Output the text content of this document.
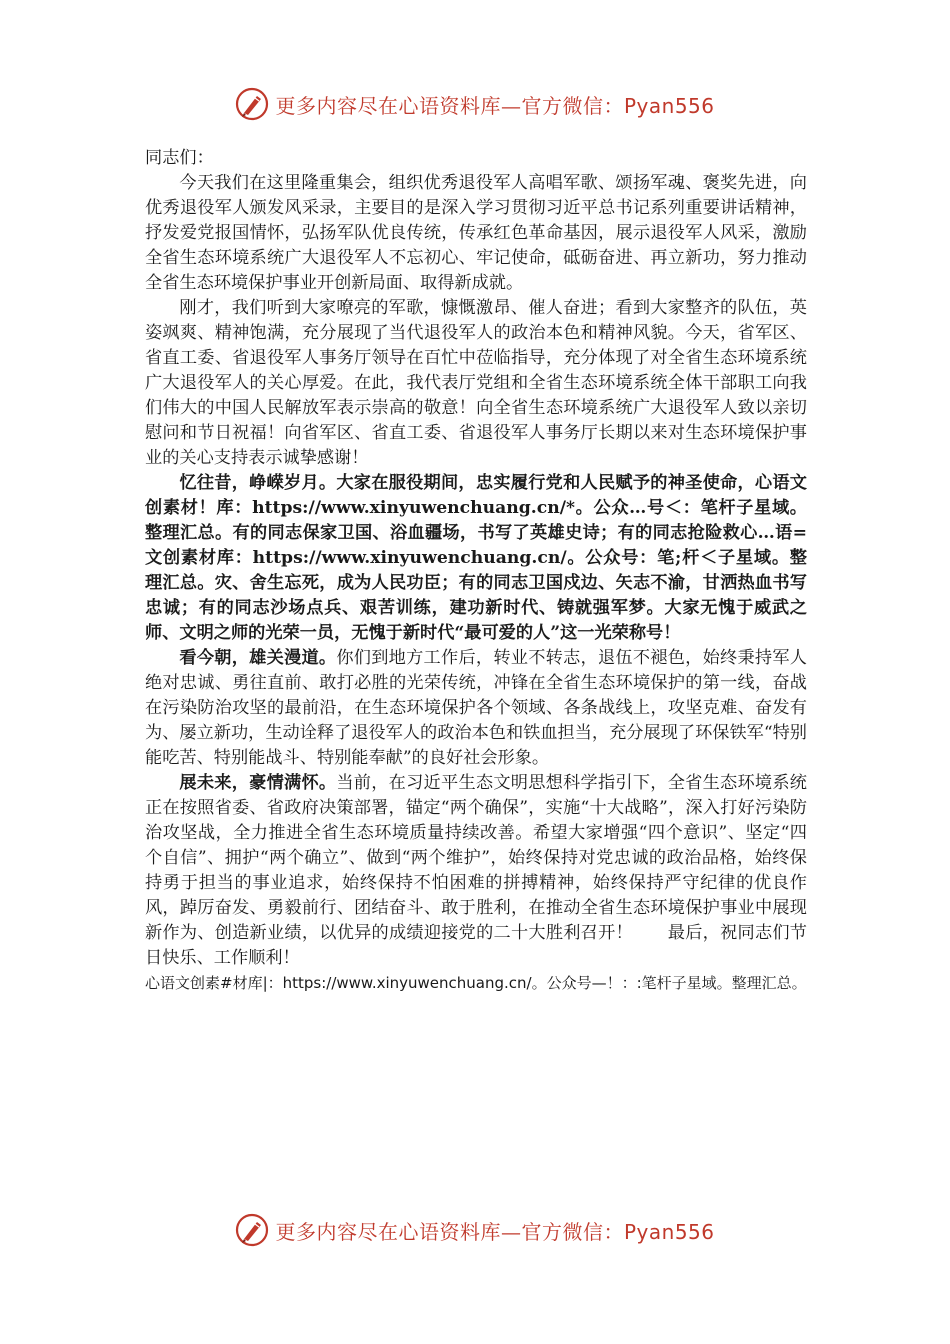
更多内容尽在心语资料库—官方微信：Pyan556

同志们：

今天我们在这里隆重集会，组织优秀退役军人高唱军歌、颂扬军魂、褒奖先进，向优秀退役军人颁发风采录，主要目的是深入学习贯彻习近平总书记系列重要讲话精神，抒发爱党报国情怀，弘扬军队优良传统，传承红色革命基因，展示退役军人风采，激励全省生态环境系统广大退役军人不忘初心、牢记使命，砥砺奋进、再立新功，努力推动全省生态环境保护事业开创新局面、取得新成就。

刚才，我们听到大家嘹亮的军歌，慷慨激昂、催人奋进；看到大家整齐的队伍，英姿飒爽、精神饱满，充分展现了当代退役军人的政治本色和精神风貌。今天，省军区、省直工委、省退役军人事务厅领导在百忙中莅临指导，充分体现了对全省生态环境系统广大退役军人的关心厚爱。在此，我代表厅党组和全省生态环境系统全体干部职工向我们伟大的中国人民解放军表示崇高的敬意！向全省生态环境系统广大退役军人致以亲切慰问和节日祝福！向省军区、省直工委、省退役军人事务厅长期以来对生态环境保护事业的关心支持表示诚挚感谢！

忆往昔，峥嵘岁月。大家在服役期间，忠实履行党和人民赋予的神圣使命，心语文创素材！库：https://www.xinyuwenchuang.cn/*。公众…号＜：笔杆子星域。整理汇总。有的同志保家卫国、浴血疆场，书写了英雄史诗；有的同志抢险救心…语=文创素材库：https://www.xinyuwenchuang.cn/。公众号：笔;杆＜子星域。整理汇总。灾、舍生忘死，成为人民功臣；有的同志卫国戍边、矢志不渝，甘洒热血书写忠诚；有的同志沙场点兵、艰苦训练，建功新时代、铸就强军梦。大家无愧于威武之师、文明之师的光荣一员，无愧于新时代“最可爱的人”这一光荣称号！

看今朝，雄关漫道。你们到地方工作后，转业不转志，退伍不褪色，始终秉持军人绝对忠诚、勇往直前、敢打必胜的光荣传统，冲锋在全省生态环境保护的第一线，奋战在污染防治攻坚的最前沿，在生态环境保护各个领域、各条战线上，攻坚克难、奋发有为、屡立新功，生动诠释了退役军人的政治本色和铁血担当，充分展现了环保铁军“特别能吃苦、特别能战斗、特别能奉献”的良好社会形象。

展未来，豪情满怀。当前，在习近平生态文明思想科学指引下，全省生态环境系统正在按照省委、省政府决策部署，锚定“两个确保”，实施“十大战略”，深入打好污染防治攻坚战，全力推进全省生态环境质量持续改善。希望大家增强“四个意识”、坚定“四个自信”、拥护“两个确立”、做到“两个维护”，始终保持对党忠诚的政治品格，始终保持勇于担当的事业追求，始终保持不怕困难的拼搏精神，始终保持严守纪律的优良作风，踔厉奋发、勇毅前行、团结奋斗、敢于胜利，在推动全省生态环境保护事业中展现新作为、创造新业绩，以优异的成绩迎接党的二十大胜利召开！　　最后，祝同志们节日快乐、工作顺利！

心语文创素#材库|：https://www.xinyuwenchuang.cn/。公众号—！：:笔杆子星域。整理汇总。

更多内容尽在心语资料库—官方微信：Pyan556
